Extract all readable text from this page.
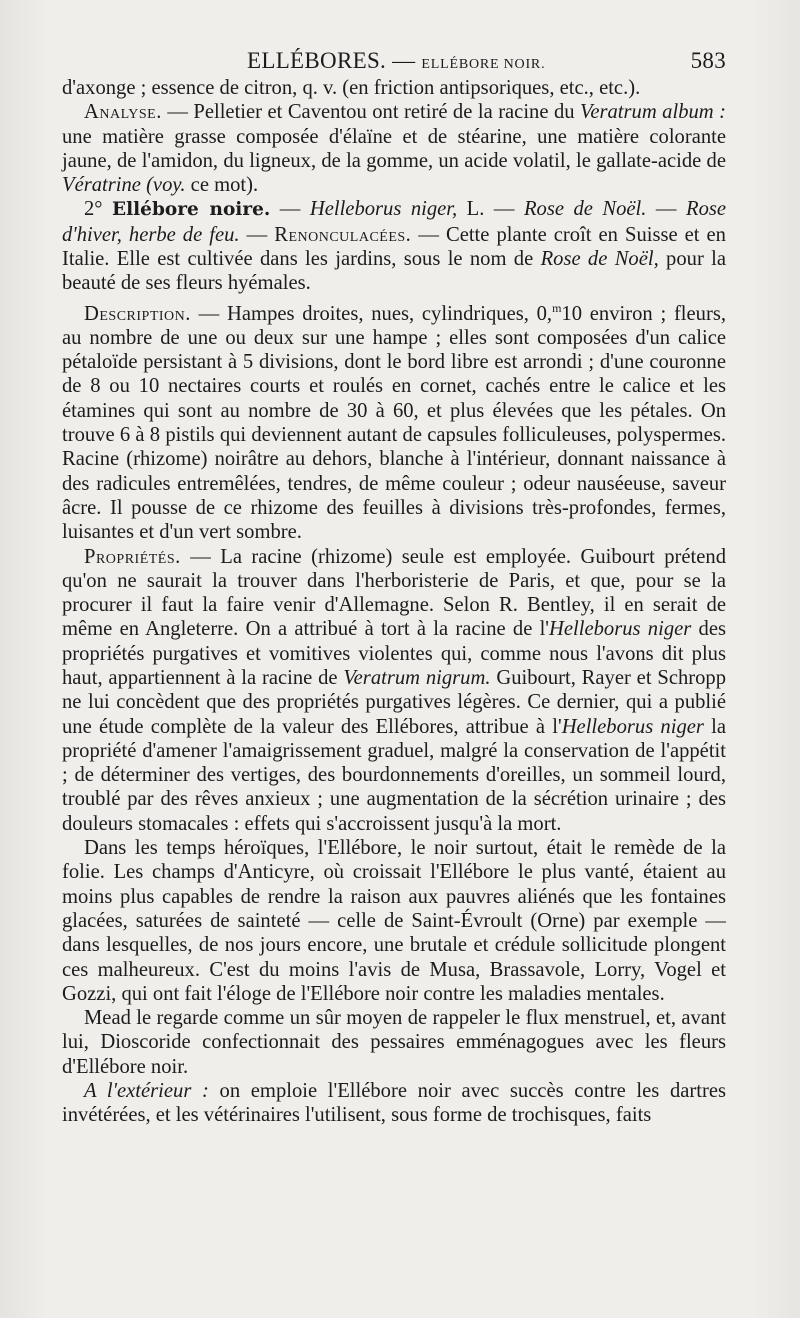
ELLÉBORES. — ELLÉBORE NOIR.	583

d'axonge ; essence de citron, q. v. (en friction antipsoriques, etc., etc.).

Analyse. — Pelletier et Caventou ont retiré de la racine du Veratrum album : une matière grasse composée d'élaïne et de stéarine, une matière colorante jaune, de l'amidon, du ligneux, de la gomme, un acide volatil, le gallate-acide de Vératrine (voy. ce mot).

2° Ellébore noire. — Helleborus niger, L. — Rose de Noël. — Rose d'hiver, herbe de feu. — Renonculacées. — Cette plante croît en Suisse et en Italie. Elle est cultivée dans les jardins, sous le nom de Rose de Noël, pour la beauté de ses fleurs hyémales.

Description. — Hampes droites, nues, cylindriques, 0,$^m$10 environ ; fleurs, au nombre de une ou deux sur une hampe ; elles sont composées d'un calice pétaloïde persistant à 5 divisions, dont le bord libre est arrondi ; d'une couronne de 8 ou 10 nectaires courts et roulés en cornet, cachés entre le calice et les étamines qui sont au nombre de 30 à 60, et plus élevées que les pétales. On trouve 6 à 8 pistils qui deviennent autant de capsules folliculeuses, polyspermes. Racine (rhizome) noirâtre au dehors, blanche à l'intérieur, donnant naissance à des radicules entremêlées, tendres, de même couleur ; odeur nauséeuse, saveur âcre. Il pousse de ce rhizome des feuilles à divisions très-profondes, fermes, luisantes et d'un vert sombre.

Propriétés. — La racine (rhizome) seule est employée. Guibourt prétend qu'on ne saurait la trouver dans l'herboristerie de Paris, et que, pour se la procurer il faut la faire venir d'Allemagne. Selon R. Bentley, il en serait de même en Angleterre. On a attribué à tort à la racine de l'Helleborus niger des propriétés purgatives et vomitives violentes qui, comme nous l'avons dit plus haut, appartiennent à la racine de Veratrum nigrum. Guibourt, Rayer et Schropp ne lui concèdent que des propriétés purgatives légères. Ce dernier, qui a publié une étude complète de la valeur des Ellébores, attribue à l'Helleborus niger la propriété d'amener l'amaigrissement graduel, malgré la conservation de l'appétit ; de déterminer des vertiges, des bourdonnements d'oreilles, un sommeil lourd, troublé par des rêves anxieux ; une augmentation de la sécrétion urinaire ; des douleurs stomacales : effets qui s'accroissent jusqu'à la mort.

Dans les temps héroïques, l'Ellébore, le noir surtout, était le remède de la folie. Les champs d'Anticyre, où croissait l'Ellébore le plus vanté, étaient au moins plus capables de rendre la raison aux pauvres aliénés que les fontaines glacées, saturées de sainteté — celle de Saint-Évroult (Orne) par exemple — dans lesquelles, de nos jours encore, une brutale et crédule sollicitude plongent ces malheureux. C'est du moins l'avis de Musa, Brassavole, Lorry, Vogel et Gozzi, qui ont fait l'éloge de l'Ellébore noir contre les maladies mentales.

Mead le regarde comme un sûr moyen de rappeler le flux menstruel, et, avant lui, Dioscoride confectionnait des pessaires emménagogues avec les fleurs d'Ellébore noir.

A l'extérieur : on emploie l'Ellébore noir avec succès contre les dartres invétérées, et les vétérinaires l'utilisent, sous forme de trochisques, faits
